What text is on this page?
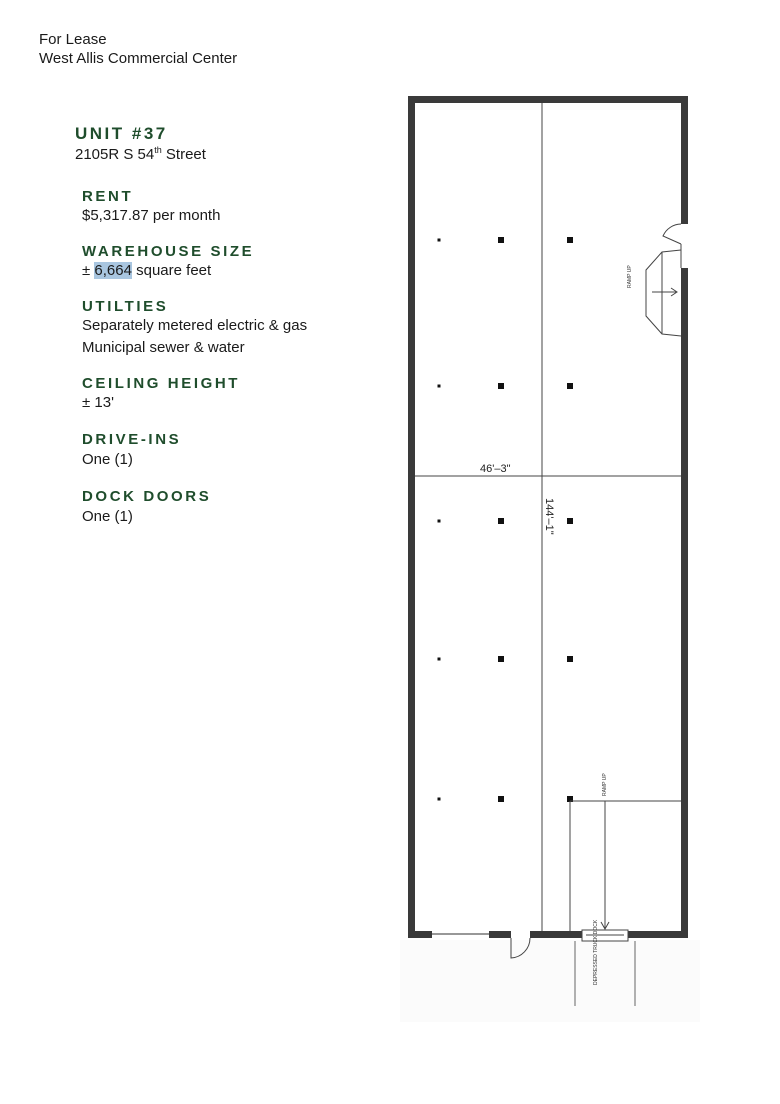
For Lease
West Allis Commercial Center
UNIT #37
2105R S 54th Street
RENT
$5,317.87 per month
WAREHOUSE SIZE
± 6,664 square feet
UTILTIES
Separately metered electric & gas
Municipal sewer & water
CEILING HEIGHT
± 13'
DRIVE-INS
One (1)
DOCK DOORS
One (1)
46'–3"
144'–1"
RAMP UP
RAMP UP
DEPRESSED TRUCK DOCK
